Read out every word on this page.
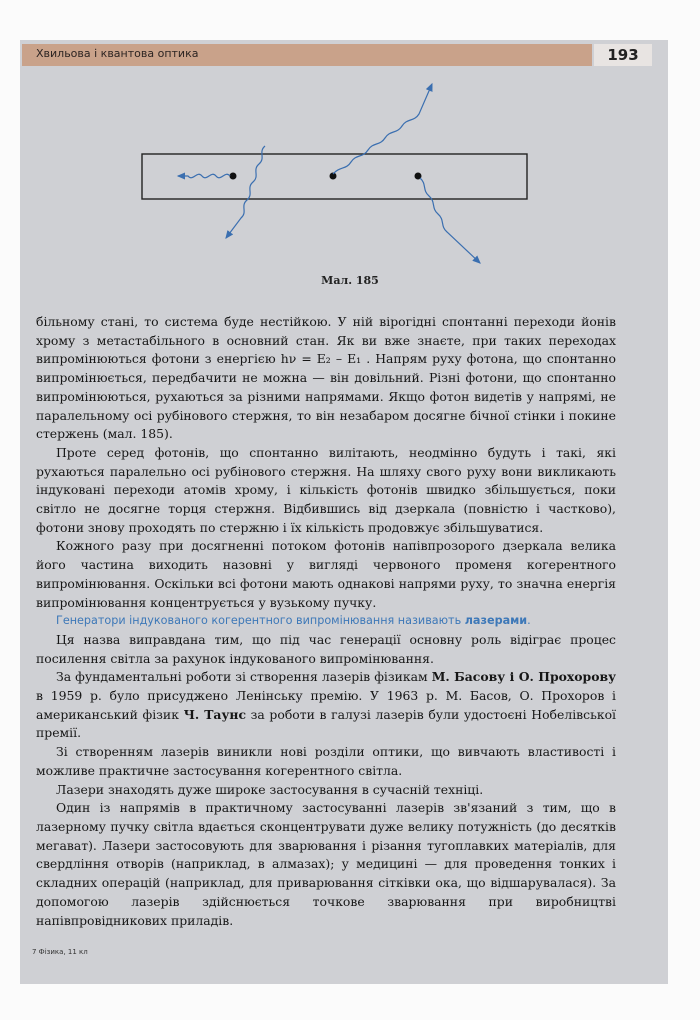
Хвильова і квантова оптика	193
Мал. 185

більному стані, то система буде нестійкою. У ній вірогідні спонтанні переходи йонів хрому з метастабільного в основний стан. Як ви вже знаєте, при таких переходах випромінюються фотони з енергією hν = E₂ – E₁ . Напрям руху фотона, що спонтанно випромінюється, передбачити не можна — він довільний. Різні фотони, що спонтанно випромінюються, рухаються за різними напрямами. Якщо фотон видетів у напрямі, не паралельному осі рубінового стержня, то він незабаром досягне бічної стінки і покине стержень (мал. 185).

Проте серед фотонів, що спонтанно вилітають, неодмінно будуть і такі, які рухаються паралельно осі рубінового стержня. На шляху свого руху вони викликають індуковані переходи атомів хрому, і кількість фотонів швидко збільшується, поки світло не досягне торця стержня. Відбившись від дзеркала (повністю і частково), фотони знову проходять по стержню і їх кількість продовжує збільшуватися.

Кожного разу при досягненні потоком фотонів напівпрозорого дзеркала велика його частина виходить назовні у вигляді червоного променя когерентного випромінювання. Оскільки всі фотони мають однакові напрями руху, то значна енергія випромінювання концентрується у вузькому пучку.

Генератори індукованого когерентного випромінювання називають лазерами.

Ця назва виправдана тим, що під час генерації основну роль відіграє процес посилення світла за рахунок індукованого випромінювання.

За фундаментальні роботи зі створення лазерів фізикам М. Басову і О. Прохорову в 1959 р. було присуджено Ленінську премію. У 1963 р. М. Басов, О. Прохоров і американський фізик Ч. Таунс за роботи в галузі лазерів були удостоєні Нобелівської премії.

Зі створенням лазерів виникли нові розділи оптики, що вивчають властивості і можливе практичне застосування когерентного світла.

Лазери знаходять дуже широке застосування в сучасній техніці.

Один із напрямів в практичному застосуванні лазерів зв'язаний з тим, що в лазерному пучку світла вдається сконцентрувати дуже велику потужність (до десятків мегават). Лазери застосовують для зварювання і різання тугоплавких матеріалів, для свердління отворів (наприклад, в алмазах); у медицині — для проведення тонких і складних операцій (наприклад, для приварювання сітківки ока, що відшарувалася). За допомогою лазерів здійснюється точкове зварювання при виробництві напівпровідникових приладів.

7 Фізика, 11 кл
